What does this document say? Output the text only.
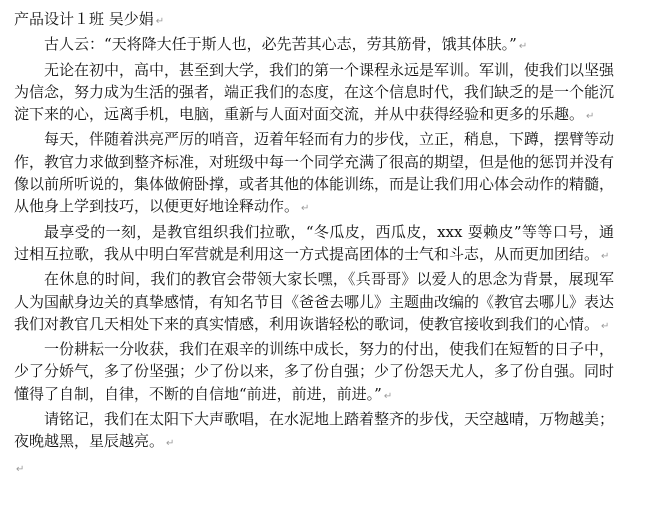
产品设计１班 吴少娟 ↵

古人云：“天将降大任于斯人也，必先苦其心志，劳其筋骨，饿其体肤。” ↵

无论在初中，高中，甚至到大学，我们的第一个课程永远是军训。军训，使我们以坚强为信念，努力成为生活的强者，端正我们的态度，在这个信息时代，我们缺乏的是一个能沉淀下来的心，远离手机，电脑，重新与人面对面交流，并从中获得经验和更多的乐趣。 ↵

每天，伴随着洪亮严厉的哨音，迈着年轻而有力的步伐，立正，稍息，下蹲，摆臂等动作，教官力求做到整齐标准，对班级中每一个同学充满了很高的期望，但是他的惩罚并没有像以前所听说的，集体做俯卧撑，或者其他的体能训练，而是让我们用心体会动作的精髓，从他身上学到技巧，以便更好地诠释动作。 ↵

最享受的一刻，是教官组织我们拉歌，“冬瓜皮，西瓜皮，xxx 耍赖皮”等等口号，通过相互拉歌，我从中明白军营就是利用这一方式提高团体的士气和斗志，从而更加团结。 ↵

在休息的时间，我们的教官会带领大家长嘿，《兵哥哥》以爱人的思念为背景，展现军人为国献身边关的真挚感情，有知名节目《爸爸去哪儿》主题曲改编的《教官去哪儿》表达我们对教官几天相处下来的真实情感，利用诙谐轻松的歌词，使教官接收到我们的心情。 ↵

一份耕耘一分收获，我们在艰辛的训练中成长，努力的付出，使我们在短暂的日子中，少了分娇气，多了份坚强；少了份以来，多了份自强；少了份怨天尤人，多了份自强。同时懂得了自制，自律，不断的自信地“前进，前进，前进。” ↵

请铭记，我们在太阳下大声歌唱，在水泥地上踏着整齐的步伐，天空越晴，万物越美；夜晚越黑，星辰越亮。 ↵

↵
